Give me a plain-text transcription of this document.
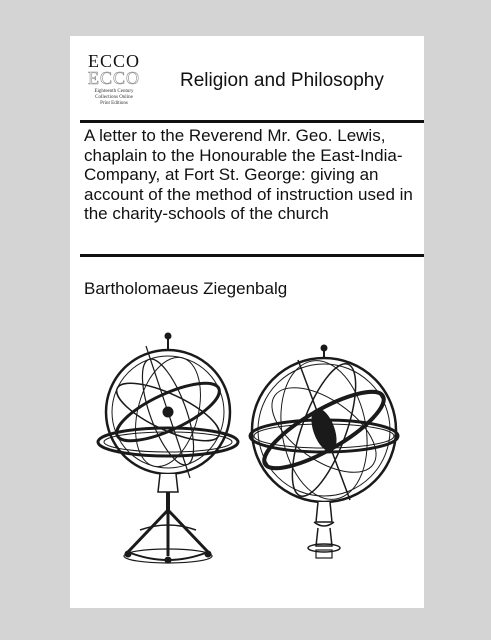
ECCO
ECCO
Eighteenth Century
Collections Online
Print Editions
Religion and Philosophy
A letter to the Reverend Mr. Geo. Lewis, chaplain to the Honourable the East-India-Company, at Fort St. George: giving an account of the method of instruction used in the charity-schools of the church
Bartholomaeus Ziegenbalg
